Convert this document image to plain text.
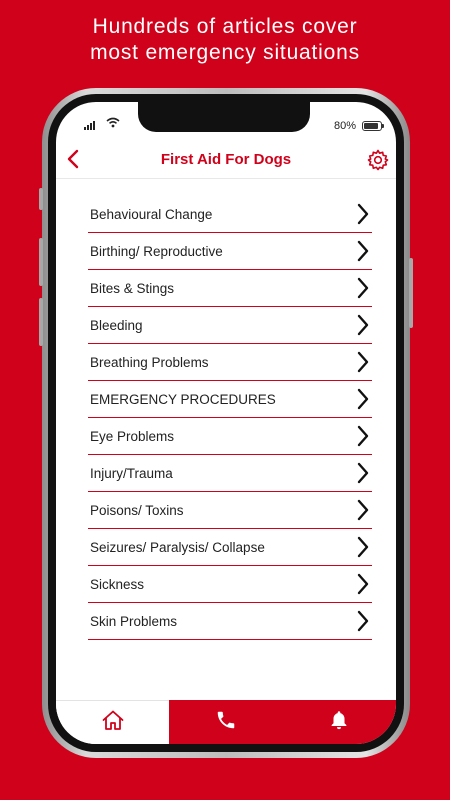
Hundreds of articles cover
most emergency situations
80%
First Aid For Dogs
Behavioural Change
Birthing/ Reproductive
Bites & Stings
Bleeding
Breathing Problems
EMERGENCY PROCEDURES
Eye Problems
Injury/Trauma
Poisons/ Toxins
Seizures/ Paralysis/ Collapse
Sickness
Skin Problems
